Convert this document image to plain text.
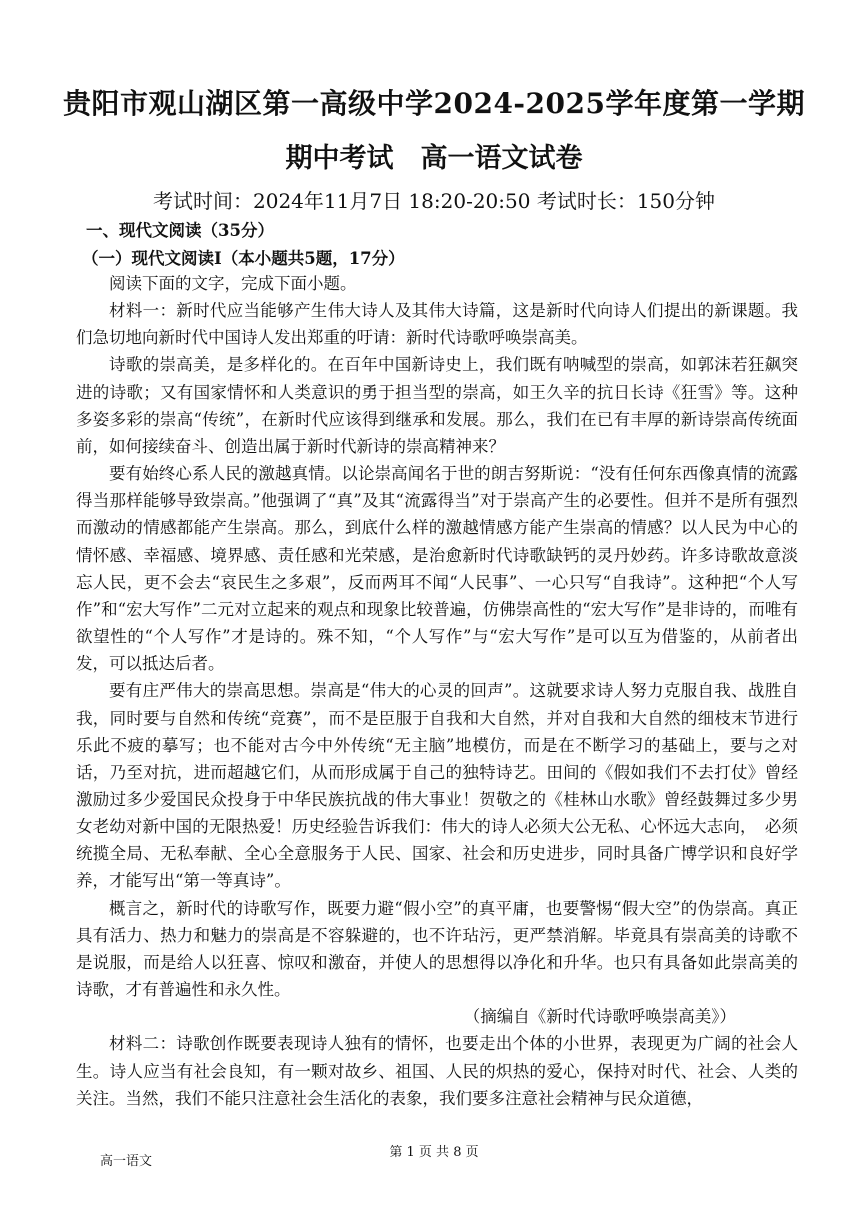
贵阳市观山湖区第一高级中学2024-2025学年度第一学期
期中考试　高一语文试卷
考试时间：2024年11月7日 18:20-20:50 考试时长：150分钟
一、现代文阅读（35分）
（一）现代文阅读Ⅰ（本小题共5题，17分）

阅读下面的文字，完成下面小题。

材料一：新时代应当能够产生伟大诗人及其伟大诗篇，这是新时代向诗人们提出的新课题。我们急切地向新时代中国诗人发出郑重的吁请：新时代诗歌呼唤崇高美。

诗歌的崇高美，是多样化的。在百年中国新诗史上，我们既有呐喊型的崇高，如郭沫若狂飙突进的诗歌；又有国家情怀和人类意识的勇于担当型的崇高，如王久辛的抗日长诗《狂雪》等。这种多姿多彩的崇高“传统”，在新时代应该得到继承和发展。那么，我们在已有丰厚的新诗崇高传统面前，如何接续奋斗、创造出属于新时代新诗的崇高精神来？

要有始终心系人民的激越真情。以论崇高闻名于世的朗吉努斯说：“没有任何东西像真情的流露得当那样能够导致崇高。”他强调了“真”及其“流露得当”对于崇高产生的必要性。但并不是所有强烈而激动的情感都能产生崇高。那么，到底什么样的激越情感方能产生崇高的情感？以人民为中心的情怀感、幸福感、境界感、责任感和光荣感，是治愈新时代诗歌缺钙的灵丹妙药。许多诗歌故意淡忘人民，更不会去“哀民生之多艰”，反而两耳不闻“人民事”、一心只写“自我诗”。这种把“个人写作”和“宏大写作”二元对立起来的观点和现象比较普遍，仿佛崇高性的“宏大写作”是非诗的，而唯有欲望性的“个人写作”才是诗的。殊不知，“个人写作”与“宏大写作”是可以互为借鉴的，从前者出发，可以抵达后者。

要有庄严伟大的崇高思想。崇高是“伟大的心灵的回声”。这就要求诗人努力克服自我、战胜自我，同时要与自然和传统“竞赛”，而不是臣服于自我和大自然，并对自我和大自然的细枝末节进行乐此不疲的摹写；也不能对古今中外传统“无主脑”地模仿，而是在不断学习的基础上，要与之对话，乃至对抗，进而超越它们，从而形成属于自己的独特诗艺。田间的《假如我们不去打仗》曾经激励过多少爱国民众投身于中华民族抗战的伟大事业！贺敬之的《桂林山水歌》曾经鼓舞过多少男女老幼对新中国的无限热爱！历史经验告诉我们：伟大的诗人必须大公无私、心怀远大志向，　必须统揽全局、无私奉献、全心全意服务于人民、国家、社会和历史进步，同时具备广博学识和良好学养，才能写出“第一等真诗”。

概言之，新时代的诗歌写作，既要力避“假小空”的真平庸，也要警惕“假大空”的伪崇高。真正具有活力、热力和魅力的崇高是不容躲避的，也不许玷污，更严禁消解。毕竟具有崇高美的诗歌不是说服，而是给人以狂喜、惊叹和激奋，并使人的思想得以净化和升华。也只有具备如此崇高美的诗歌，才有普遍性和永久性。

（摘编自《新时代诗歌呼唤崇高美》）

材料二：诗歌创作既要表现诗人独有的情怀，也要走出个体的小世界，表现更为广阔的社会人生。诗人应当有社会良知，有一颗对故乡、祖国、人民的炽热的爱心，保持对时代、社会、人类的关注。当然，我们不能只注意社会生活化的表象，我们要多注意社会精神与民众道德，

高一语文
第 1 页 共 8 页
